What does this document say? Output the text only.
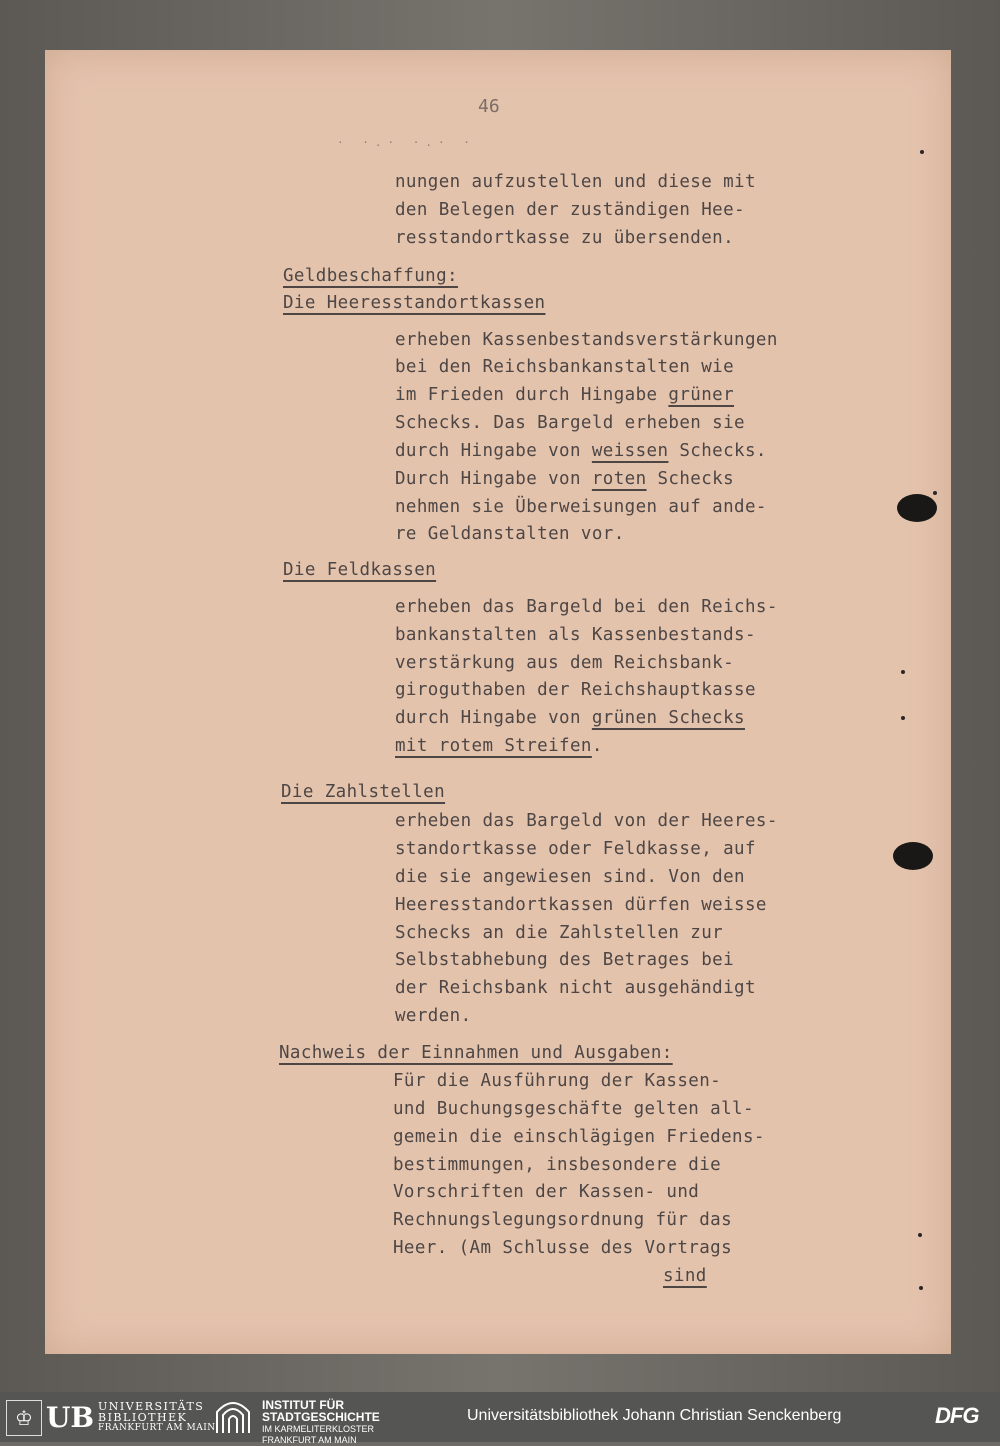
46
· ·.· ·.· ·
nungen aufzustellen und diese mit
den Belegen der zuständigen Hee-
resstandortkasse zu übersenden.
Geldbeschaffung:
Die Heeresstandortkassen
erheben Kassenbestandsverstärkungen
bei den Reichsbankanstalten wie
im Frieden durch Hingabe grüner
Schecks. Das Bargeld erheben sie
durch Hingabe von weissen Schecks.
Durch Hingabe von roten Schecks
nehmen sie Überweisungen auf ande-
re Geldanstalten vor.
Die Feldkassen
erheben das Bargeld bei den Reichs-
bankanstalten als Kassenbestands-
verstärkung aus dem Reichsbank-
giroguthaben der Reichshauptkasse
durch Hingabe von grünen Schecks
mit rotem Streifen.
Die Zahlstellen
erheben das Bargeld von der Heeres-
standortkasse oder Feldkasse, auf
die sie angewiesen sind. Von den
Heeresstandortkassen dürfen weisse
Schecks an die Zahlstellen zur
Selbstabhebung des Betrages bei
der Reichsbank nicht ausgehändigt
werden.
Nachweis der Einnahmen und Ausgaben:
Für die Ausführung der Kassen-
und Buchungsgeschäfte gelten all-
gemein die einschlägigen Friedens-
bestimmungen, insbesondere die
Vorschriften der Kassen- und
Rechnungslegungsordnung für das
Heer. (Am Schlusse des Vortrags
sind
♔ UB UNIVERSITÄTS
BIBLIOTHEK
FRANKFURT AM MAIN
INSTITUT FÜR
STADTGESCHICHTE
IM KARMELITERKLOSTER
FRANKFURT AM MAIN
Universitätsbibliothek Johann Christian Senckenberg	DFG
